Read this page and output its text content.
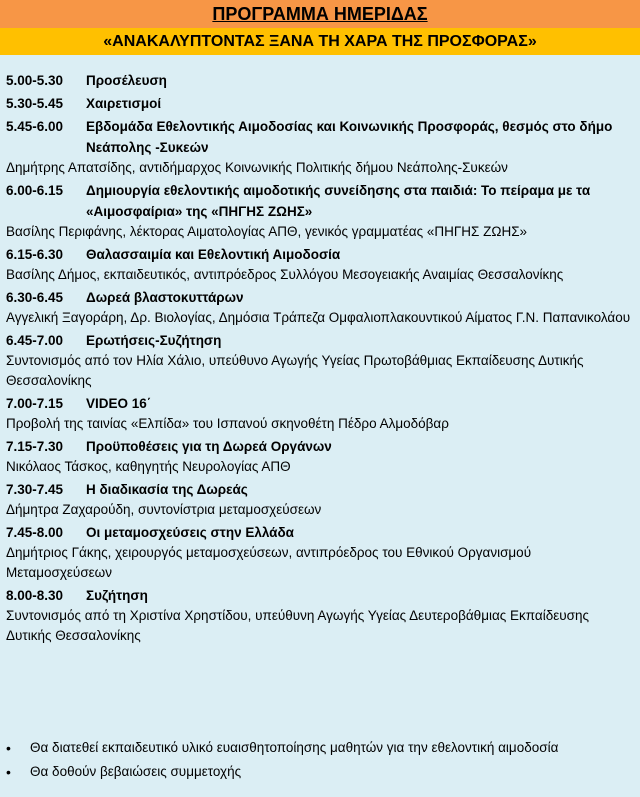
ΠΡΟΓΡΑΜΜΑ ΗΜΕΡΙΔΑΣ
«ΑΝΑΚΑΛΥΠΤΟΝΤΑΣ ΞΑΝΑ ΤΗ ΧΑΡΑ ΤΗΣ ΠΡΟΣΦΟΡΑΣ»
5.00-5.30	Προσέλευση
5.30-5.45	Χαιρετισμοί
5.45-6.00	Εβδομάδα Εθελοντικής Αιμοδοσίας και Κοινωνικής Προσφοράς, θεσμός στο δήμο Νεάπολης -Συκεών
Δημήτρης Απατσίδης, αντιδήμαρχος Κοινωνικής Πολιτικής δήμου Νεάπολης-Συκεών
6.00-6.15	Δημιουργία εθελοντικής αιμοδοτικής συνείδησης στα παιδιά: Το πείραμα με τα «Αιμοσφαίρια» της «ΠΗΓΗΣ ΖΩΗΣ»
Βασίλης Περιφάνης, λέκτορας Αιματολογίας ΑΠΘ, γενικός γραμματέας «ΠΗΓΗΣ ΖΩΗΣ»
6.15-6.30	Θαλασσαιμία και Εθελοντική Αιμοδοσία
Βασίλης Δήμος, εκπαιδευτικός, αντιπρόεδρος Συλλόγου Μεσογειακής Αναιμίας Θεσσαλονίκης
6.30-6.45	Δωρεά βλαστοκυττάρων
Αγγελική Ξαγοράρη, Δρ. Βιολογίας, Δημόσια Τράπεζα Ομφαλιοπλακουντικού Αίματος Γ.Ν. Παπανικολάου
6.45-7.00	Ερωτήσεις-Συζήτηση
Συντονισμός από τον Ηλία Χάλιο, υπεύθυνο Αγωγής Υγείας Πρωτοβάθμιας Εκπαίδευσης Δυτικής Θεσσαλονίκης
7.00-7.15	VIDEO 16΄
Προβολή της ταινίας «Ελπίδα» του Ισπανού σκηνοθέτη Πέδρο Αλμοδόβαρ
7.15-7.30	Προϋποθέσεις για τη Δωρεά Οργάνων
Νικόλαος Τάσκος, καθηγητής Νευρολογίας ΑΠΘ
7.30-7.45	Η διαδικασία της Δωρεάς
Δήμητρα Ζαχαρούδη, συντονίστρια μεταμοσχεύσεων
7.45-8.00	Οι μεταμοσχεύσεις στην Ελλάδα
Δημήτριος Γάκης, χειρουργός μεταμοσχεύσεων, αντιπρόεδρος του Εθνικού Οργανισμού Μεταμοσχεύσεων
8.00-8.30	Συζήτηση
Συντονισμός από τη Χριστίνα Χρηστίδου, υπεύθυνη Αγωγής Υγείας Δευτεροβάθμιας Εκπαίδευσης Δυτικής Θεσσαλονίκης
•	Θα διατεθεί εκπαιδευτικό υλικό ευαισθητοποίησης μαθητών για την εθελοντική αιμοδοσία
•	Θα δοθούν βεβαιώσεις συμμετοχής
